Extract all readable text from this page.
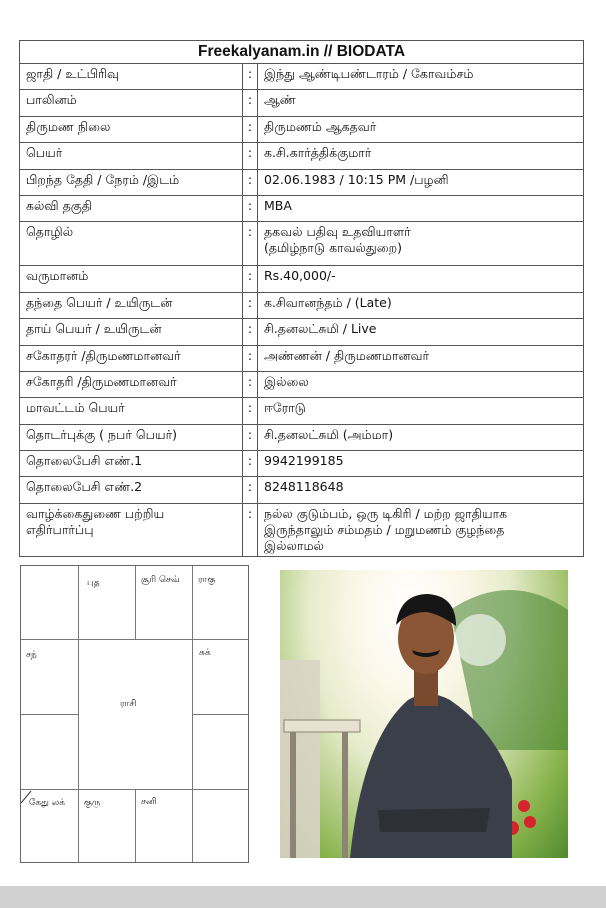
Freekalyanam.in // BIODATA		
ஜாதி / உட்பிரிவு	:	இந்து ஆண்டிபண்டாரம் / கோவம்சம்
பாலினம்	:	ஆண்
திருமண நிலை	:	திருமணம் ஆகதவர்
பெயர்	:	க.சி.கார்த்திக்குமார்
பிறந்த தேதி / நேரம் /இடம்	:	02.06.1983 / 10:15 PM /பழனி
கல்வி தகுதி	:	MBA
தொழில்	:	தகவல் பதிவு உதவியாளர்
(தமிழ்நாடு காவல்துறை)
வருமானம்	:	Rs.40,000/-
தந்தை பெயர் / உயிருடன்	:	க.சிவானந்தம் / (Late)
தாய் பெயர் / உயிருடன்	:	சி.தனலட்சுமி / Live
சகோதரர் /திருமணமானவர்	:	அண்ணன் / திருமணமானவர்
சகோதரி /திருமணமானவர்	:	இல்லை
மாவட்டம் பெயர்	:	ஈரோடு
தொடர்புக்கு ( நபர் பெயர்)	:	சி.தனலட்சுமி (அம்மா)
தொலைபேசி எண்.1	:	9942199185
தொலைபேசி எண்.2	:	8248118648
வாழ்க்கைதுணை பற்றிய
எதிர்பார்ப்பு	:	நல்ல குடும்பம், ஒரு டிகிரி / மற்ற ஜாதியாக
இருந்தாலும் சம்மதம் / மறுமணம் குழந்தை
இல்லாமல்
புத	சூரி செவ் ராகு
சந்	சுக்
ராசி
கேது லக் குரு	சனி
